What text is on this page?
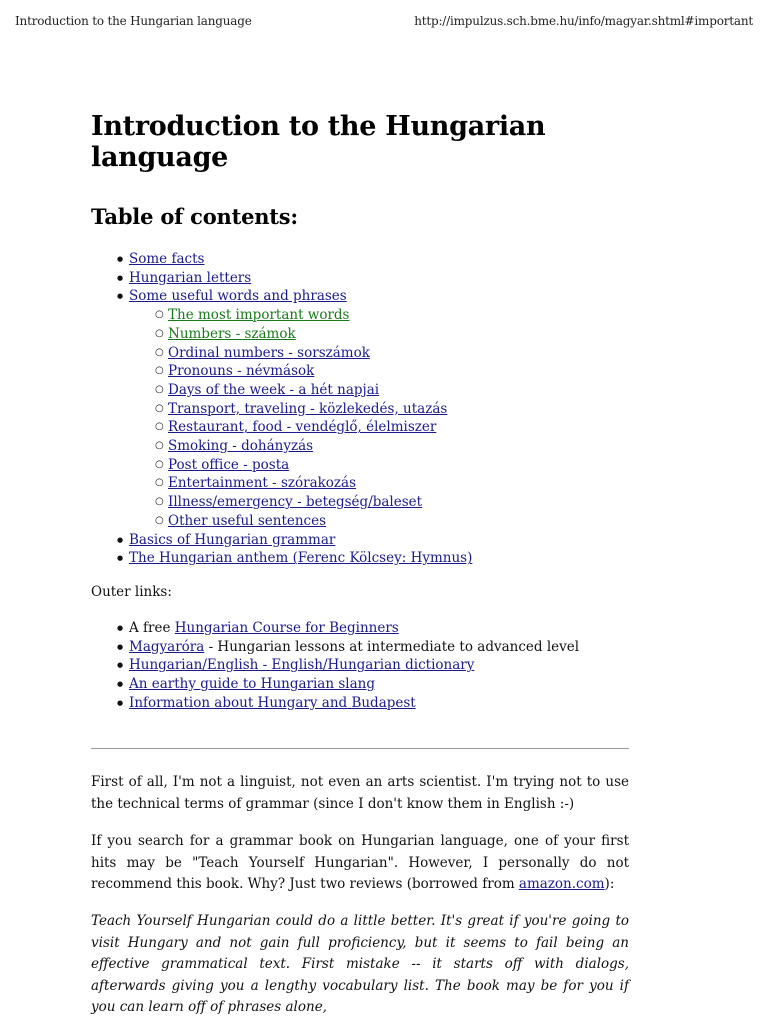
Introduction to the Hungarian language	http://impulzus.sch.bme.hu/info/magyar.shtml#important
Introduction to the Hungarian language
Table of contents:
● Some facts
● Hungarian letters
● Some useful words and phrases
○ The most important words
○ Numbers - számok
○ Ordinal numbers - sorszámok
○ Pronouns - névmások
○ Days of the week - a hét napjai
○ Transport, traveling - közlekedés, utazás
○ Restaurant, food - vendéglő, élelmiszer
○ Smoking - dohányzás
○ Post office - posta
○ Entertainment - szórakozás
○ Illness/emergency - betegség/baleset
○ Other useful sentences
● Basics of Hungarian grammar
● The Hungarian anthem (Ferenc Kölcsey: Hymnus)
Outer links:
● A free Hungarian Course for Beginners
● Magyaróra - Hungarian lessons at intermediate to advanced level
● Hungarian/English - English/Hungarian dictionary
● An earthy guide to Hungarian slang
● Information about Hungary and Budapest

First of all, I'm not a linguist, not even an arts scientist. I'm trying not to use the technical terms of grammar (since I don't know them in English :-)

If you search for a grammar book on Hungarian language, one of your first hits may be "Teach Yourself Hungarian". However, I personally do not recommend this book. Why? Just two reviews (borrowed from amazon.com):

Teach Yourself Hungarian could do a little better. It's great if you're going to visit Hungary and not gain full proficiency, but it seems to fail being an effective grammatical text. First mistake -- it starts off with dialogs, afterwards giving you a lengthy vocabulary list. The book may be for you if you can learn off of phrases alone,
